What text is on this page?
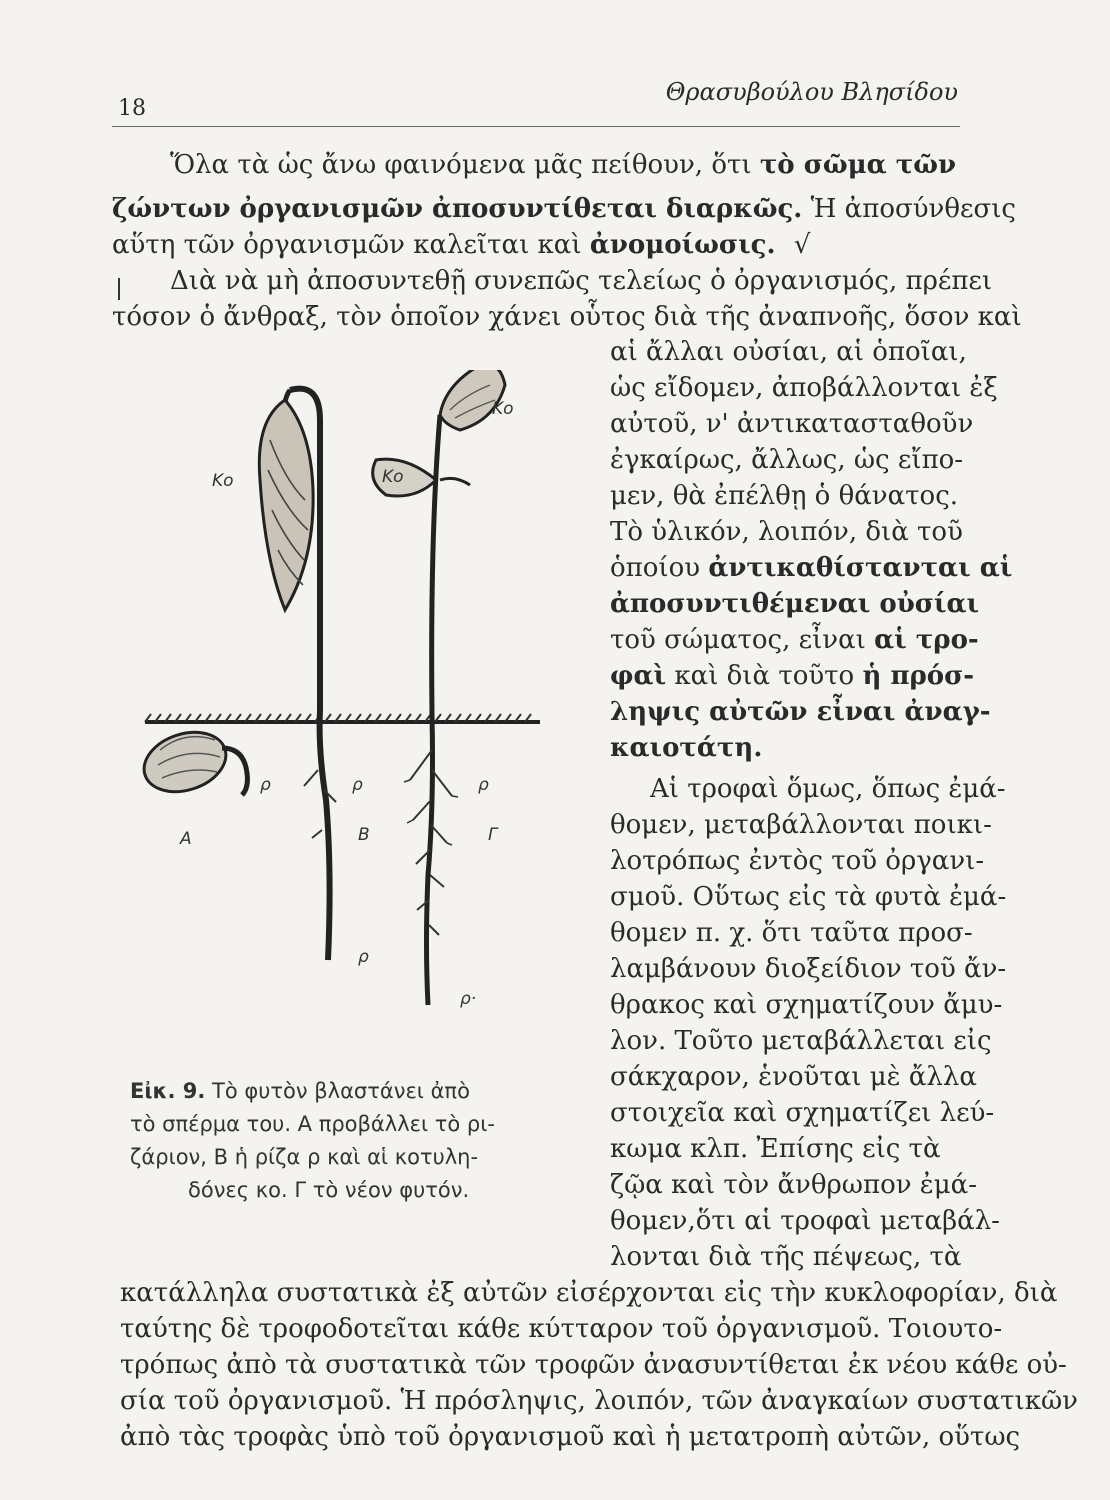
18
Θρασυβούλου Βλησίδου
Ὅλα τὰ ὡς ἄνω φαινόμενα μᾶς πείθουν, ὅτι τὸ σῶμα τῶν
ζώντων ὀργανισμῶν ἀποσυντίθεται διαρκῶς. Ἡ ἀποσύνθεσις
αὕτη τῶν ὀργανισμῶν καλεῖται καὶ ἀνομοίωσις. √
Διὰ νὰ μὴ ἀποσυντεθῇ συνεπῶς τελείως ὁ ὀργανισμός, πρέπει
τόσον ὁ ἄνθραξ, τὸν ὁποῖον χάνει οὗτος διὰ τῆς ἀναπνοῆς, ὅσον καὶ
αἱ ἄλλαι οὐσίαι, αἱ ὁποῖαι,
ὡς εἴδομεν, ἀποβάλλονται ἐξ
αὐτοῦ, ν' ἀντικατασταθοῦν
ἐγκαίρως, ἄλλως, ὡς εἴπο-
μεν, θὰ ἐπέλθῃ ὁ θάνατος.
Τὸ ὑλικόν, λοιπόν, διὰ τοῦ
ὁποίου ἀντικαθίστανται αἱ
ἀποσυντιθέμεναι οὐσίαι
τοῦ σώματος, εἶναι αἱ τρο-
φαὶ καὶ διὰ τοῦτο ἡ πρόσ-
ληψις αὐτῶν εἶναι ἀναγ-
καιοτάτη.
Αἱ τροφαὶ ὅμως, ὅπως ἐμά-
θομεν, μεταβάλλονται ποικι-
λοτρόπως ἐντὸς τοῦ ὀργανι-
σμοῦ. Οὕτως εἰς τὰ φυτὰ ἐμά-
θομεν π. χ. ὅτι ταῦτα προσ-
λαμβάνουν διοξείδιον τοῦ ἄν-
θρακος καὶ σχηματίζουν ἄμυ-
λον. Τοῦτο μεταβάλλεται εἰς
σάκχαρον, ἑνοῦται μὲ ἄλλα
στοιχεῖα καὶ σχηματίζει λεύ-
κωμα κλπ. Ἐπίσης εἰς τὰ
ζῷα καὶ τὸν ἄνθρωπον ἐμά-
θομεν,ὅτι αἱ τροφαὶ μεταβάλ-
λονται διὰ τῆς πέψεως, τὰ
κατάλληλα συστατικὰ ἐξ αὐτῶν εἰσέρχονται εἰς τὴν κυκλοφορίαν, διὰ
ταύτης δὲ τροφοδοτεῖται κάθε κύτταρον τοῦ ὀργανισμοῦ. Τοιουτο-
τρόπως ἀπὸ τὰ συστατικὰ τῶν τροφῶν ἀνασυντίθεται ἐκ νέου κάθε οὐ-
σία τοῦ ὀργανισμοῦ. Ἡ πρόσληψις, λοιπόν, τῶν ἀναγκαίων συστατικῶν
ἀπὸ τὰς τροφὰς ὑπὸ τοῦ ὀργανισμοῦ καὶ ἡ μετατροπὴ αὐτῶν, οὕτως
Κο	Κο
Κο
ρ	ρ
ρ
ρ
ρ·
Α	Β	Γ
Εἰκ. 9. Τὸ φυτὸν βλαστάνει ἀπὸ
τὸ σπέρμα του. Α προβάλλει τὸ ρι-
ζάριον, Β ἡ ρίζα ρ καὶ αἱ κοτυλη-
δόνες κο. Γ τὸ νέον φυτόν.
